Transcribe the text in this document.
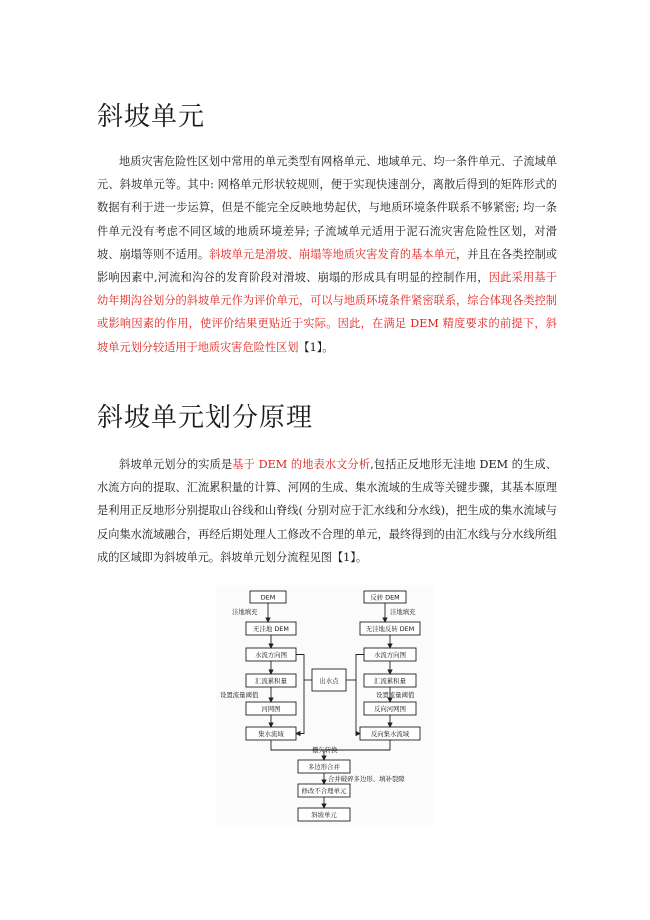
斜坡单元

地质灾害危险性区划中常用的单元类型有网格单元、地域单元、均一条件单元、子流域单元、斜坡单元等。其中: 网格单元形状较规则，便于实现快速剖分，离散后得到的矩阵形式的数据有利于进一步运算，但是不能完全反映地势起伏，与地质环境条件联系不够紧密; 均一条件单元没有考虑不同区域的地质环境差异; 子流域单元适用于泥石流灾害危险性区划，对滑坡、崩塌等则不适用。斜坡单元是滑坡、崩塌等地质灾害发育的基本单元，并且在各类控制或影响因素中,河流和沟谷的发育阶段对滑坡、崩塌的形成具有明显的控制作用，因此采用基于幼年期沟谷划分的斜坡单元作为评价单元，可以与地质环境条件紧密联系，综合体现各类控制或影响因素的作用，使评价结果更贴近于实际。因此，在满足 DEM 精度要求的前提下，斜坡单元划分较适用于地质灾害危险性区划【1】。

斜坡单元划分原理

斜坡单元划分的实质是基于 DEM 的地表水文分析,包括正反地形无洼地 DEM 的生成、水流方向的提取、汇流累积量的计算、河网的生成、集水流域的生成等关键步骤，其基本原理是利用正反地形分别提取山谷线和山脊线( 分别对应于汇水线和分水线)，把生成的集水流域与反向集水流域融合，再经后期处理人工修改不合理的单元，最终得到的由汇水线与分水线所组成的区域即为斜坡单元。斜坡单元划分流程见图【1】。

DEM
无洼地 DEM
水流方向图
汇流累积量
河网图
集水流域
反转 DEM
无洼地反转 DEM
水流方向图
汇流累积量
反向河网图
反向集水流域
出水点
多边形合并
修改不合理单元
斜坡单元
洼地填充	洼地填充
设置流量阈值	设置流量阈值
栅矢转换
合并破碎多边形、填补裂隙
